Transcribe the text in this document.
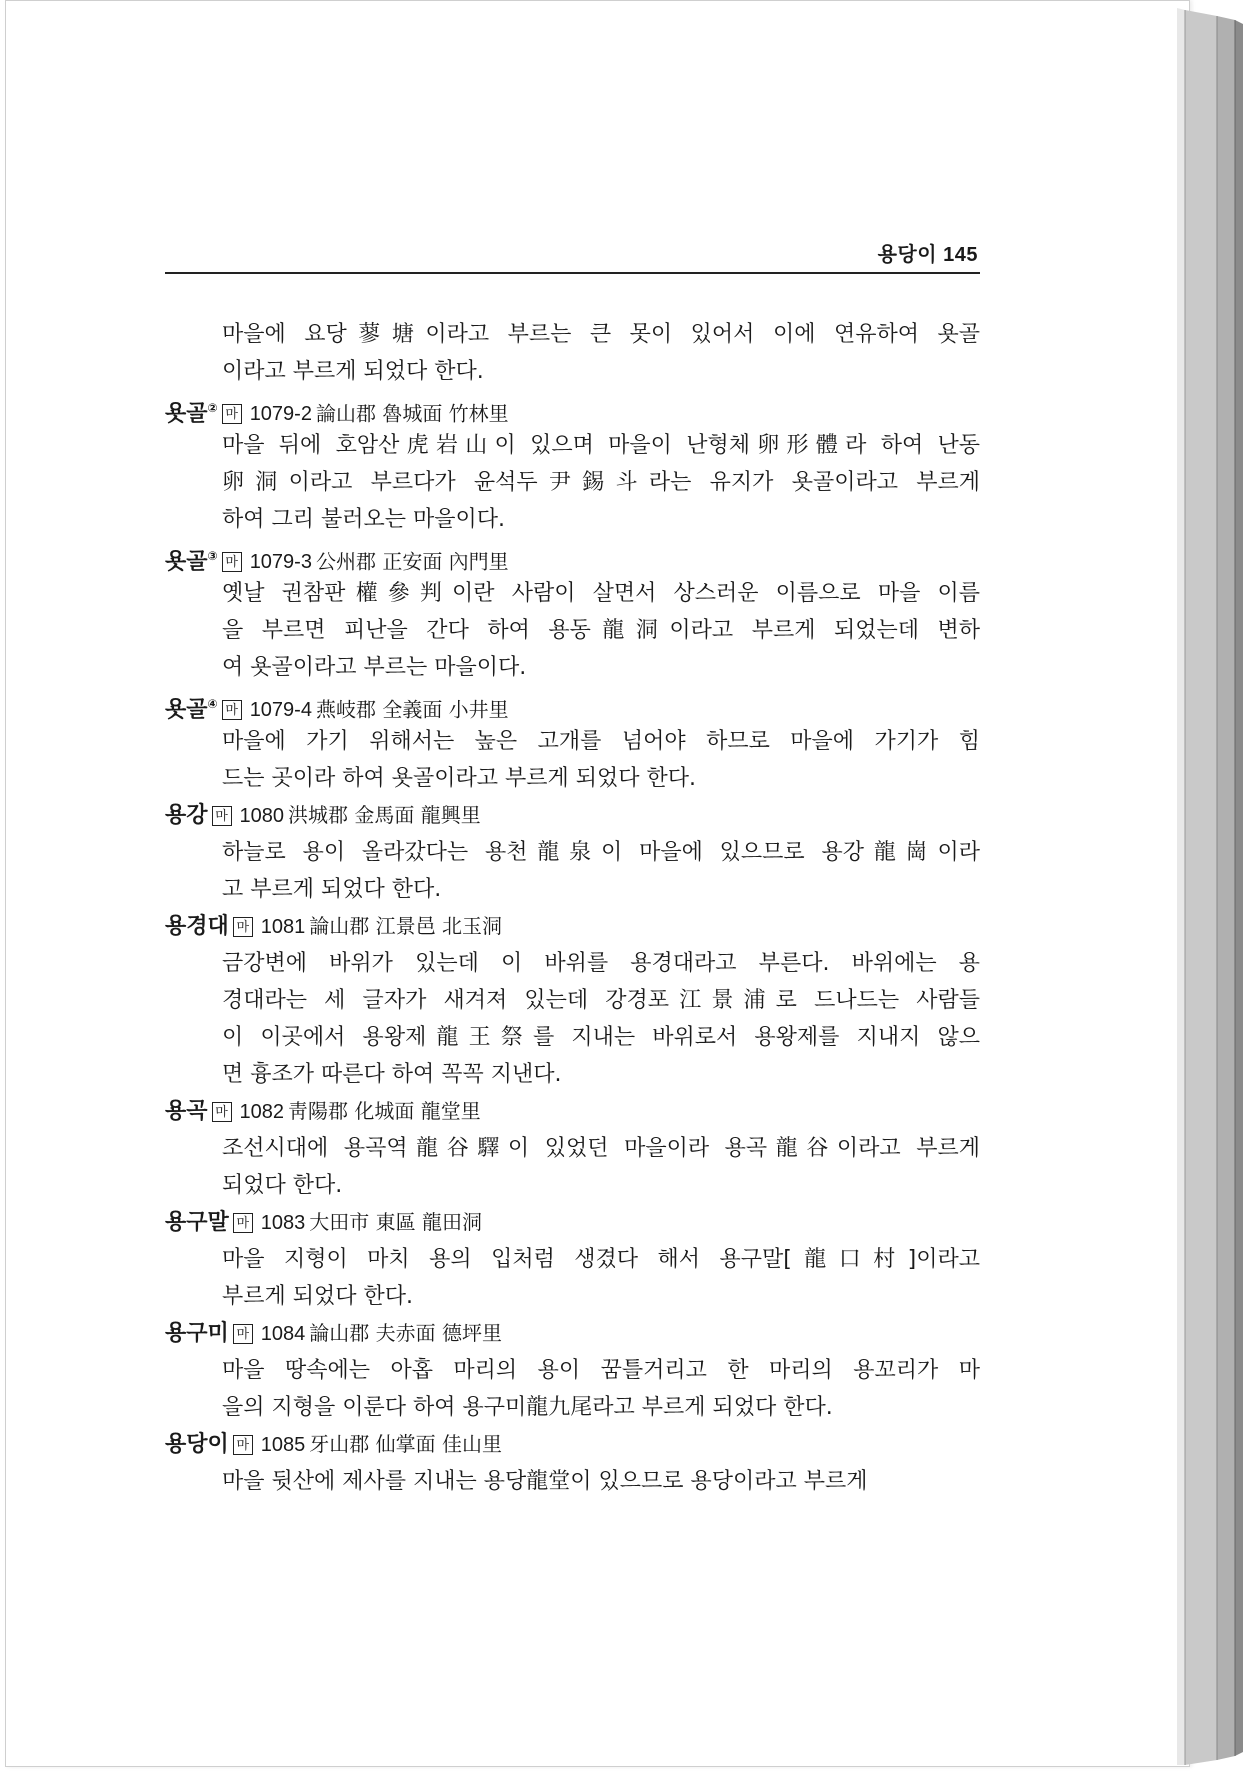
용당이 145
마을에 요당蓼塘이라고 부르는 큰 못이 있어서 이에 연유하여 욧골
이라고 부르게 되었다 한다.
욧골② 마 1079-2 論山郡 魯城面 竹林里
마을 뒤에 호암산虎岩山이 있으며 마을이 난형체卵形體라 하여 난동
卵洞이라고 부르다가 윤석두尹錫斗라는 유지가 욧골이라고 부르게
하여 그리 불러오는 마을이다.
욧골③ 마 1079-3 公州郡 正安面 內門里
옛날 권참판權參判이란 사람이 살면서 상스러운 이름으로 마을 이름
을 부르면 피난을 간다 하여 용동龍洞이라고 부르게 되었는데 변하
여 욧골이라고 부르는 마을이다.
욧골④ 마 1079-4 燕岐郡 全義面 小井里
마을에 가기 위해서는 높은 고개를 넘어야 하므로 마을에 가기가 힘
드는 곳이라 하여 욧골이라고 부르게 되었다 한다.
용강 마 1080 洪城郡 金馬面 龍興里
하늘로 용이 올라갔다는 용천龍泉이 마을에 있으므로 용강龍崗이라
고 부르게 되었다 한다.
용경대 마 1081 論山郡 江景邑 北玉洞
금강변에 바위가 있는데 이 바위를 용경대라고 부른다. 바위에는 용
경대라는 세 글자가 새겨져 있는데 강경포江景浦로 드나드는 사람들
이 이곳에서 용왕제龍王祭를 지내는 바위로서 용왕제를 지내지 않으
면 흉조가 따른다 하여 꼭꼭 지낸다.
용곡 마 1082 靑陽郡 化城面 龍堂里
조선시대에 용곡역龍谷驛이 있었던 마을이라 용곡龍谷이라고 부르게
되었다 한다.
용구말 마 1083 大田市 東區 龍田洞
마을 지형이 마치 용의 입처럼 생겼다 해서 용구말[龍口村]이라고
부르게 되었다 한다.
용구미 마 1084 論山郡 夫赤面 德坪里
마을 땅속에는 아홉 마리의 용이 꿈틀거리고 한 마리의 용꼬리가 마
을의 지형을 이룬다 하여 용구미龍九尾라고 부르게 되었다 한다.
용당이 마 1085 牙山郡 仙掌面 佳山里
마을 뒷산에 제사를 지내는 용당龍堂이 있으므로 용당이라고 부르게
